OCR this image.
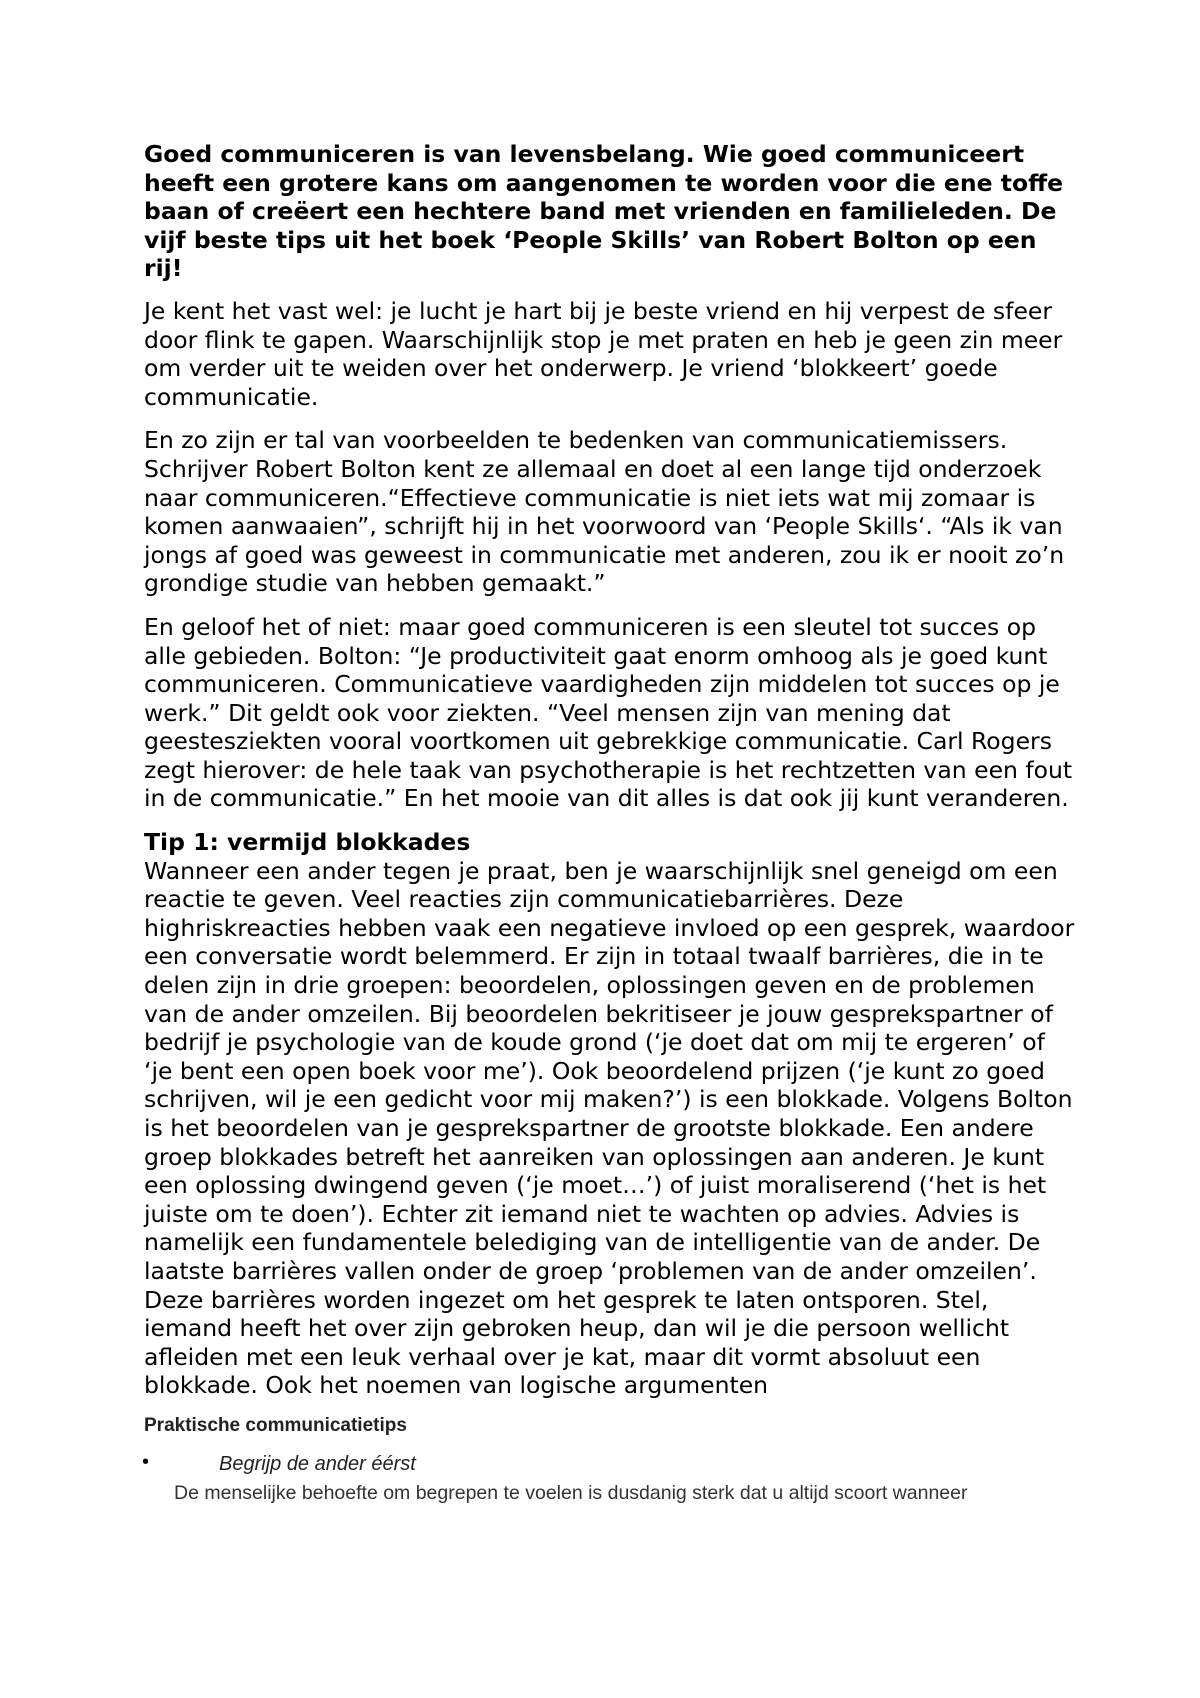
Goed communiceren is van levensbelang. Wie goed communiceert heeft een grotere kans om aangenomen te worden voor die ene toffe baan of creëert een hechtere band met vrienden en familieleden. De vijf beste tips uit het boek ‘People Skills’ van Robert Bolton op een rij!

Je kent het vast wel: je lucht je hart bij je beste vriend en hij verpest de sfeer door flink te gapen. Waarschijnlijk stop je met praten en heb je geen zin meer om verder uit te weiden over het onderwerp. Je vriend ‘blokkeert’ goede communicatie.

En zo zijn er tal van voorbeelden te bedenken van communicatiemissers. Schrijver Robert Bolton kent ze allemaal en doet al een lange tijd onderzoek naar communiceren.“Effectieve communicatie is niet iets wat mij zomaar is komen aanwaaien”, schrijft hij in het voorwoord van ‘People Skills‘. “Als ik van jongs af goed was geweest in communicatie met anderen, zou ik er nooit zo’n grondige studie van hebben gemaakt.”

En geloof het of niet: maar goed communiceren is een sleutel tot succes op alle gebieden. Bolton: “Je productiviteit gaat enorm omhoog als je goed kunt communiceren. Communicatieve vaardigheden zijn middelen tot succes op je werk.” Dit geldt ook voor ziekten. “Veel mensen zijn van mening dat geestesziekten vooral voortkomen uit gebrekkige communicatie. Carl Rogers zegt hierover: de hele taak van psychotherapie is het rechtzetten van een fout in de communicatie.” En het mooie van dit alles is dat ook jij kunt veranderen.

Tip 1: vermijd blokkades

Wanneer een ander tegen je praat, ben je waarschijnlijk snel geneigd om een reactie te geven. Veel reacties zijn communicatiebarrières. Deze highriskreacties hebben vaak een negatieve invloed op een gesprek, waardoor een conversatie wordt belemmerd. Er zijn in totaal twaalf barrières, die in te delen zijn in drie groepen: beoordelen, oplossingen geven en de problemen van de ander omzeilen. Bij beoordelen bekritiseer je jouw gesprekspartner of bedrijf je psychologie van de koude grond (‘je doet dat om mij te ergeren’ of ‘je bent een open boek voor me’). Ook beoordelend prijzen (‘je kunt zo goed schrijven, wil je een gedicht voor mij maken?’) is een blokkade. Volgens Bolton is het beoordelen van je gesprekspartner de grootste blokkade. Een andere groep blokkades betreft het aanreiken van oplossingen aan anderen. Je kunt een oplossing dwingend geven (‘je moet…’) of juist moraliserend (‘het is het juiste om te doen’). Echter zit iemand niet te wachten op advies. Advies is namelijk een fundamentele belediging van de intelligentie van de ander. De laatste barrières vallen onder de groep ‘problemen van de ander omzeilen’. Deze barrières worden ingezet om het gesprek te laten ontsporen. Stel, iemand heeft het over zijn gebroken heup, dan wil je die persoon wellicht afleiden met een leuk verhaal over je kat, maar dit vormt absoluut een blokkade. Ook het noemen van logische argumenten

Praktische communicatietips
•	Begrijp de ander éérst
De menselijke behoefte om begrepen te voelen is dusdanig sterk dat u altijd scoort wanneer
